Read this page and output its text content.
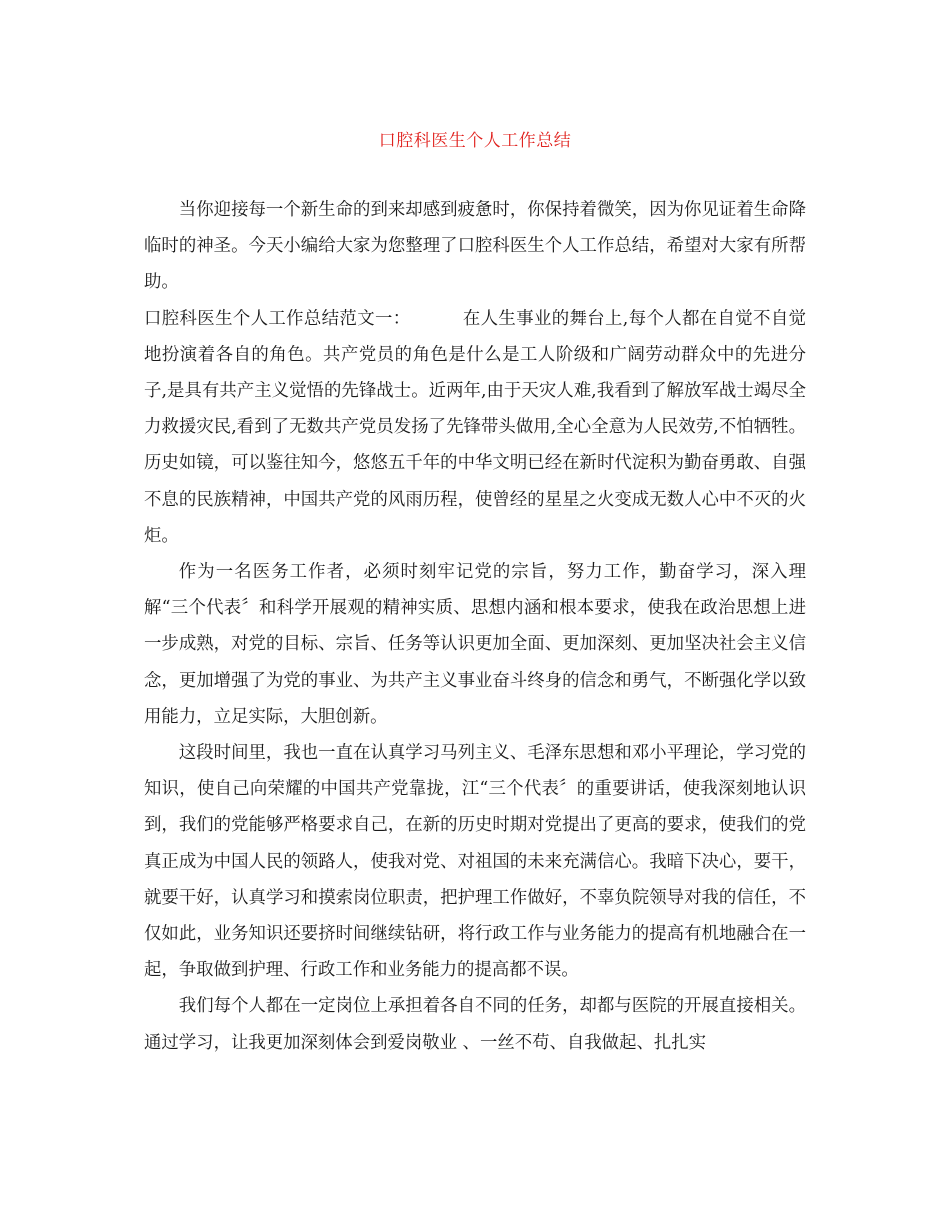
口腔科医生个人工作总结

当你迎接每一个新生命的到来却感到疲惫时，你保持着微笑，因为你见证着生命降临时的神圣。今天小编给大家为您整理了口腔科医生个人工作总结，希望对大家有所帮助。

口腔科医生个人工作总结范文一：	在人生事业的舞台上,每个人都在自觉不自觉地扮演着各自的角色。共产党员的角色是什么是工人阶级和广阔劳动群众中的先进分子,是具有共产主义觉悟的先锋战士。近两年,由于天灾人难,我看到了解放军战士竭尽全力救援灾民,看到了无数共产党员发扬了先锋带头做用,全心全意为人民效劳,不怕牺牲。历史如镜，可以鉴往知今，悠悠五千年的中华文明已经在新时代淀积为勤奋勇敢、自强不息的民族精神，中国共产党的风雨历程，使曾经的星星之火变成无数人心中不灭的火炬。

作为一名医务工作者，必须时刻牢记党的宗旨，努力工作，勤奋学习，深入理解“三个代表〞和科学开展观的精神实质、思想内涵和根本要求，使我在政治思想上进一步成熟，对党的目标、宗旨、任务等认识更加全面、更加深刻、更加坚决社会主义信念，更加增强了为党的事业、为共产主义事业奋斗终身的信念和勇气，不断强化学以致用能力，立足实际，大胆创新。

这段时间里，我也一直在认真学习马列主义、毛泽东思想和邓小平理论，学习党的知识，使自己向荣耀的中国共产党靠拢，江“三个代表〞的重要讲话，使我深刻地认识到，我们的党能够严格要求自己，在新的历史时期对党提出了更高的要求，使我们的党真正成为中国人民的领路人，使我对党、对祖国的未来充满信心。我暗下决心，要干，就要干好，认真学习和摸索岗位职责，把护理工作做好，不辜负院领导对我的信任，不仅如此，业务知识还要挤时间继续钻研，将行政工作与业务能力的提高有机地融合在一起，争取做到护理、行政工作和业务能力的提高都不误。

我们每个人都在一定岗位上承担着各自不同的任务，却都与医院的开展直接相关。通过学习，让我更加深刻体会到爱岗敬业 、一丝不苟、自我做起、扎扎实
